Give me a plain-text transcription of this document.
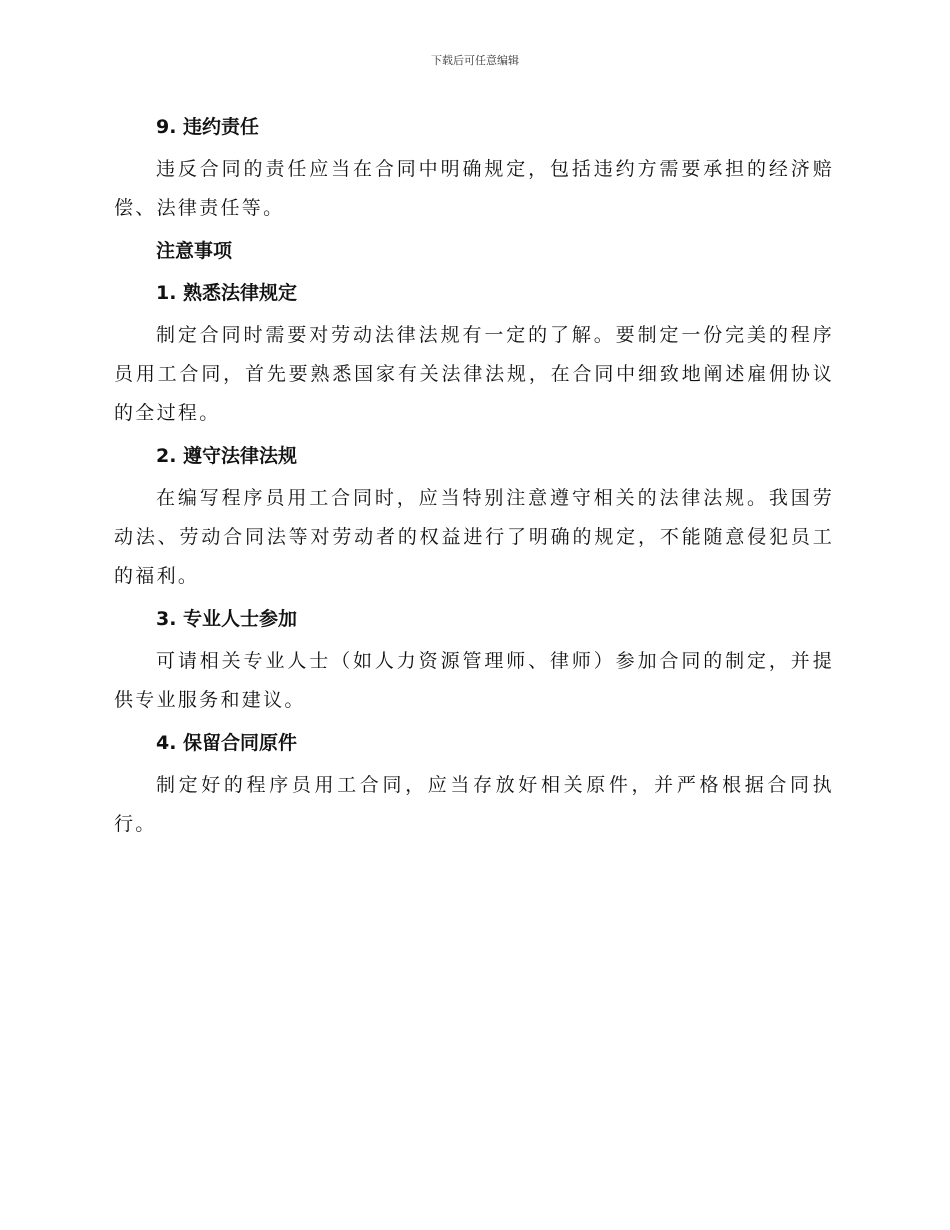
下载后可任意编辑
9. 违约责任

违反合同的责任应当在合同中明确规定，包括违约方需要承担的经济赔偿、法律责任等。

注意事项
1. 熟悉法律规定

制定合同时需要对劳动法律法规有一定的了解。要制定一份完美的程序员用工合同，首先要熟悉国家有关法律法规，在合同中细致地阐述雇佣协议的全过程。

2. 遵守法律法规

在编写程序员用工合同时，应当特别注意遵守相关的法律法规。我国劳动法、劳动合同法等对劳动者的权益进行了明确的规定，不能随意侵犯员工的福利。

3. 专业人士参加

可请相关专业人士（如人力资源管理师、律师）参加合同的制定，并提供专业服务和建议。

4. 保留合同原件

制定好的程序员用工合同，应当存放好相关原件，并严格根据合同执行。
